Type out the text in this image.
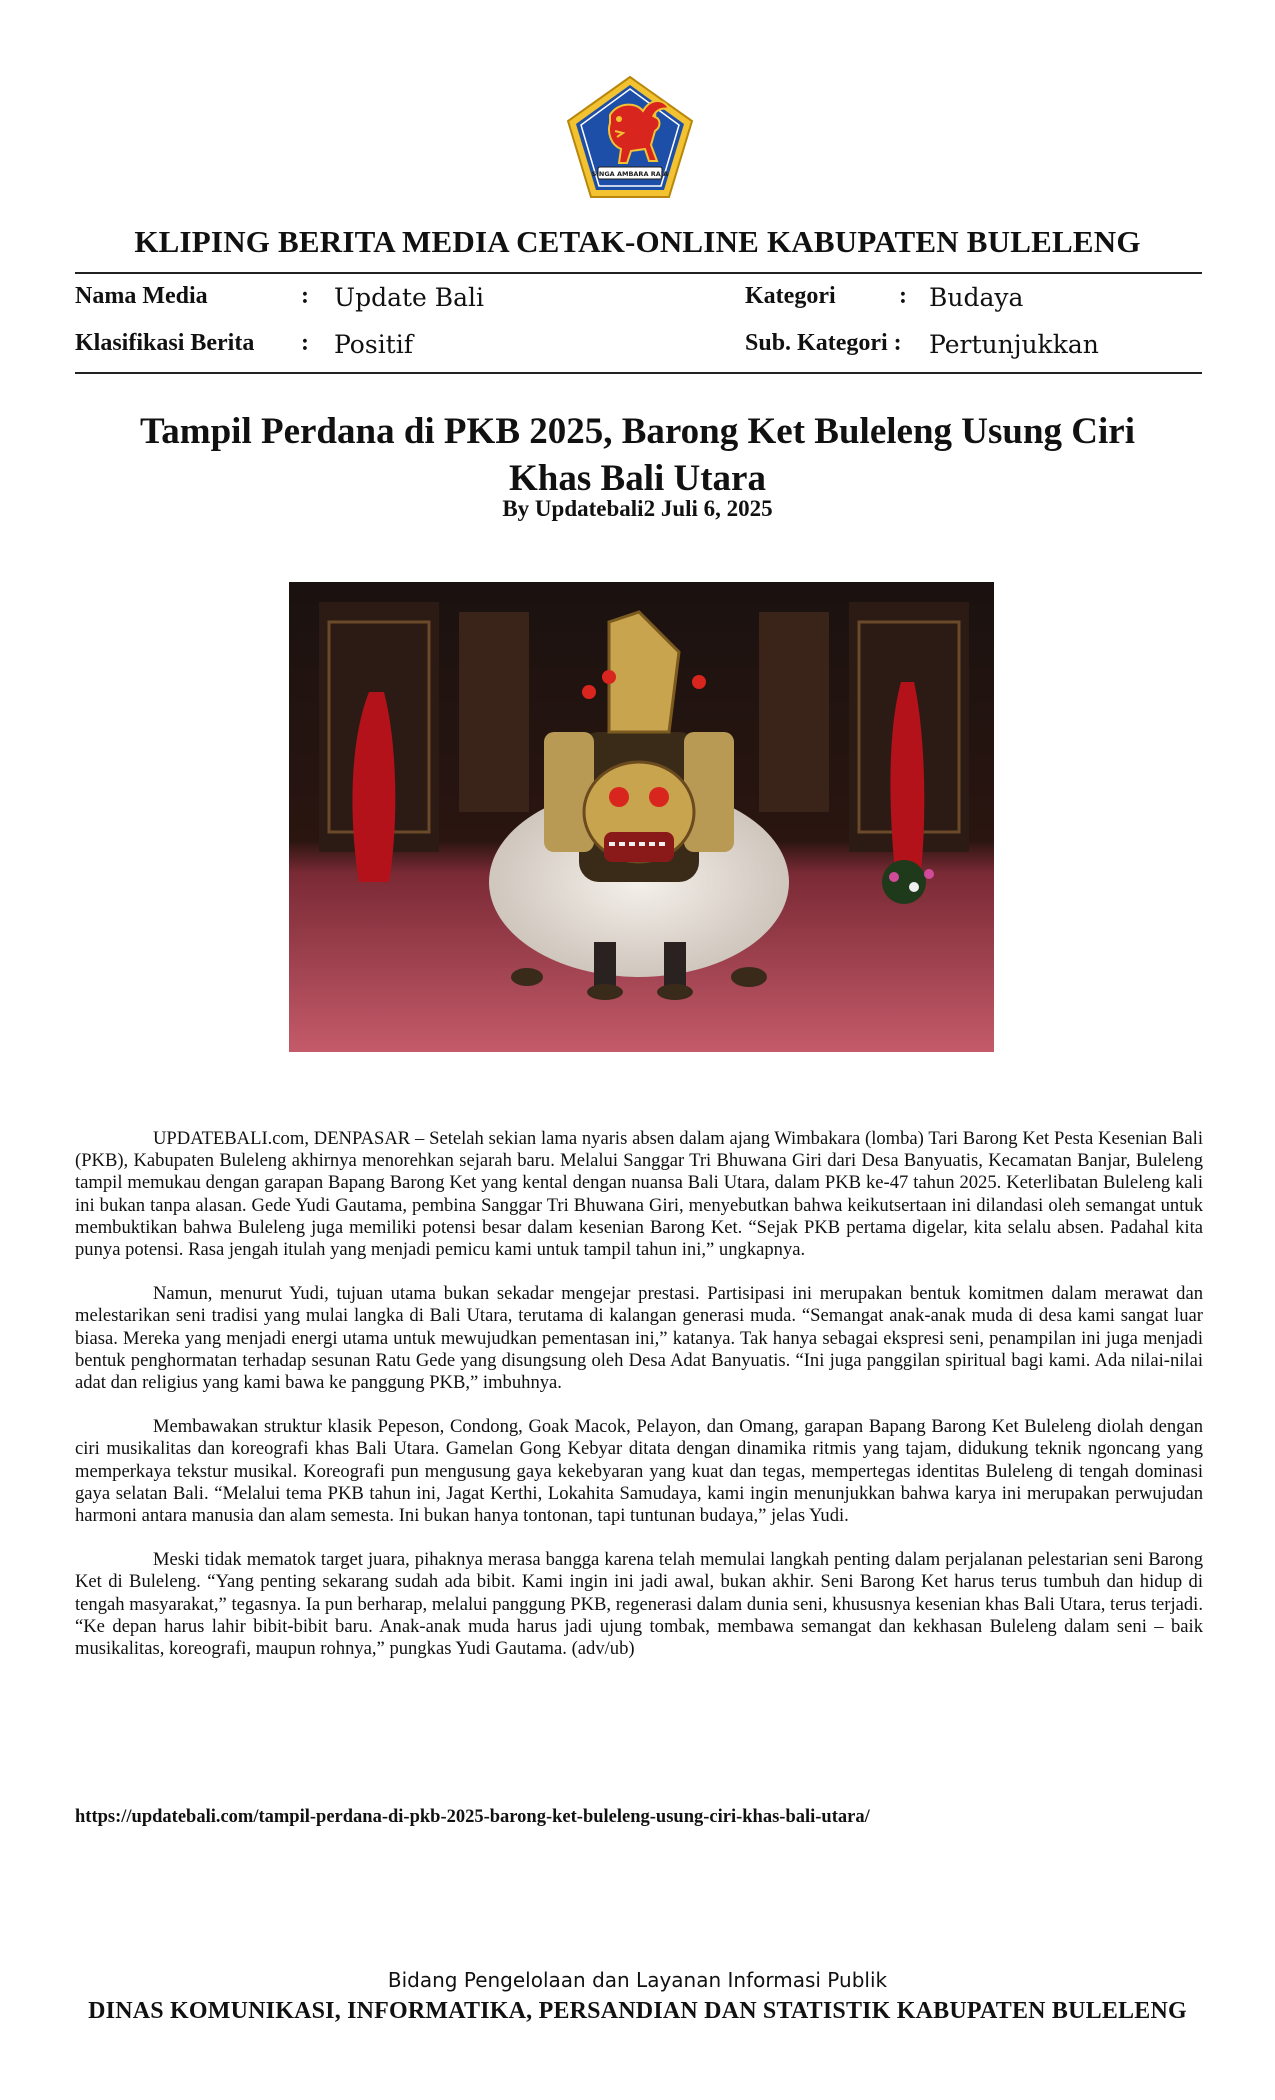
SINGA AMBARA RAJA
KLIPING BERITA MEDIA CETAK-ONLINE KABUPATEN BULELENG
Nama Media	: Update Bali	Kategori	: Budaya
Klasifikasi Berita : Positif	Sub. Kategori : Pertunjukkan
Tampil Perdana di PKB 2025, Barong Ket Buleleng Usung Ciri Khas Bali Utara
By Updatebali2 Juli 6, 2025

UPDATEBALI.com, DENPASAR – Setelah sekian lama nyaris absen dalam ajang Wimbakara (lomba) Tari Barong Ket Pesta Kesenian Bali (PKB), Kabupaten Buleleng akhirnya menorehkan sejarah baru. Melalui Sanggar Tri Bhuwana Giri dari Desa Banyuatis, Kecamatan Banjar, Buleleng tampil memukau dengan garapan Bapang Barong Ket yang kental dengan nuansa Bali Utara, dalam PKB ke-47 tahun 2025. Keterlibatan Buleleng kali ini bukan tanpa alasan. Gede Yudi Gautama, pembina Sanggar Tri Bhuwana Giri, menyebutkan bahwa keikutsertaan ini dilandasi oleh semangat untuk membuktikan bahwa Buleleng juga memiliki potensi besar dalam kesenian Barong Ket. “Sejak PKB pertama digelar, kita selalu absen. Padahal kita punya potensi. Rasa jengah itulah yang menjadi pemicu kami untuk tampil tahun ini,” ungkapnya.

Namun, menurut Yudi, tujuan utama bukan sekadar mengejar prestasi. Partisipasi ini merupakan bentuk komitmen dalam merawat dan melestarikan seni tradisi yang mulai langka di Bali Utara, terutama di kalangan generasi muda. “Semangat anak-anak muda di desa kami sangat luar biasa. Mereka yang menjadi energi utama untuk mewujudkan pementasan ini,” katanya. Tak hanya sebagai ekspresi seni, penampilan ini juga menjadi bentuk penghormatan terhadap sesunan Ratu Gede yang disungsung oleh Desa Adat Banyuatis. “Ini juga panggilan spiritual bagi kami. Ada nilai-nilai adat dan religius yang kami bawa ke panggung PKB,” imbuhnya.

Membawakan struktur klasik Pepeson, Condong, Goak Macok, Pelayon, dan Omang, garapan Bapang Barong Ket Buleleng diolah dengan ciri musikalitas dan koreografi khas Bali Utara. Gamelan Gong Kebyar ditata dengan dinamika ritmis yang tajam, didukung teknik ngoncang yang memperkaya tekstur musikal. Koreografi pun mengusung gaya kekebyaran yang kuat dan tegas, mempertegas identitas Buleleng di tengah dominasi gaya selatan Bali. “Melalui tema PKB tahun ini, Jagat Kerthi, Lokahita Samudaya, kami ingin menunjukkan bahwa karya ini merupakan perwujudan harmoni antara manusia dan alam semesta. Ini bukan hanya tontonan, tapi tuntunan budaya,” jelas Yudi.

Meski tidak mematok target juara, pihaknya merasa bangga karena telah memulai langkah penting dalam perjalanan pelestarian seni Barong Ket di Buleleng. “Yang penting sekarang sudah ada bibit. Kami ingin ini jadi awal, bukan akhir. Seni Barong Ket harus terus tumbuh dan hidup di tengah masyarakat,” tegasnya. Ia pun berharap, melalui panggung PKB, regenerasi dalam dunia seni, khususnya kesenian khas Bali Utara, terus terjadi. “Ke depan harus lahir bibit-bibit baru. Anak-anak muda harus jadi ujung tombak, membawa semangat dan kekhasan Buleleng dalam seni – baik musikalitas, koreografi, maupun rohnya,” pungkas Yudi Gautama. (adv/ub)

https://updatebali.com/tampil-perdana-di-pkb-2025-barong-ket-buleleng-usung-ciri-khas-bali-utara/
Bidang Pengelolaan dan Layanan Informasi Publik
DINAS KOMUNIKASI, INFORMATIKA, PERSANDIAN DAN STATISTIK KABUPATEN BULELENG
